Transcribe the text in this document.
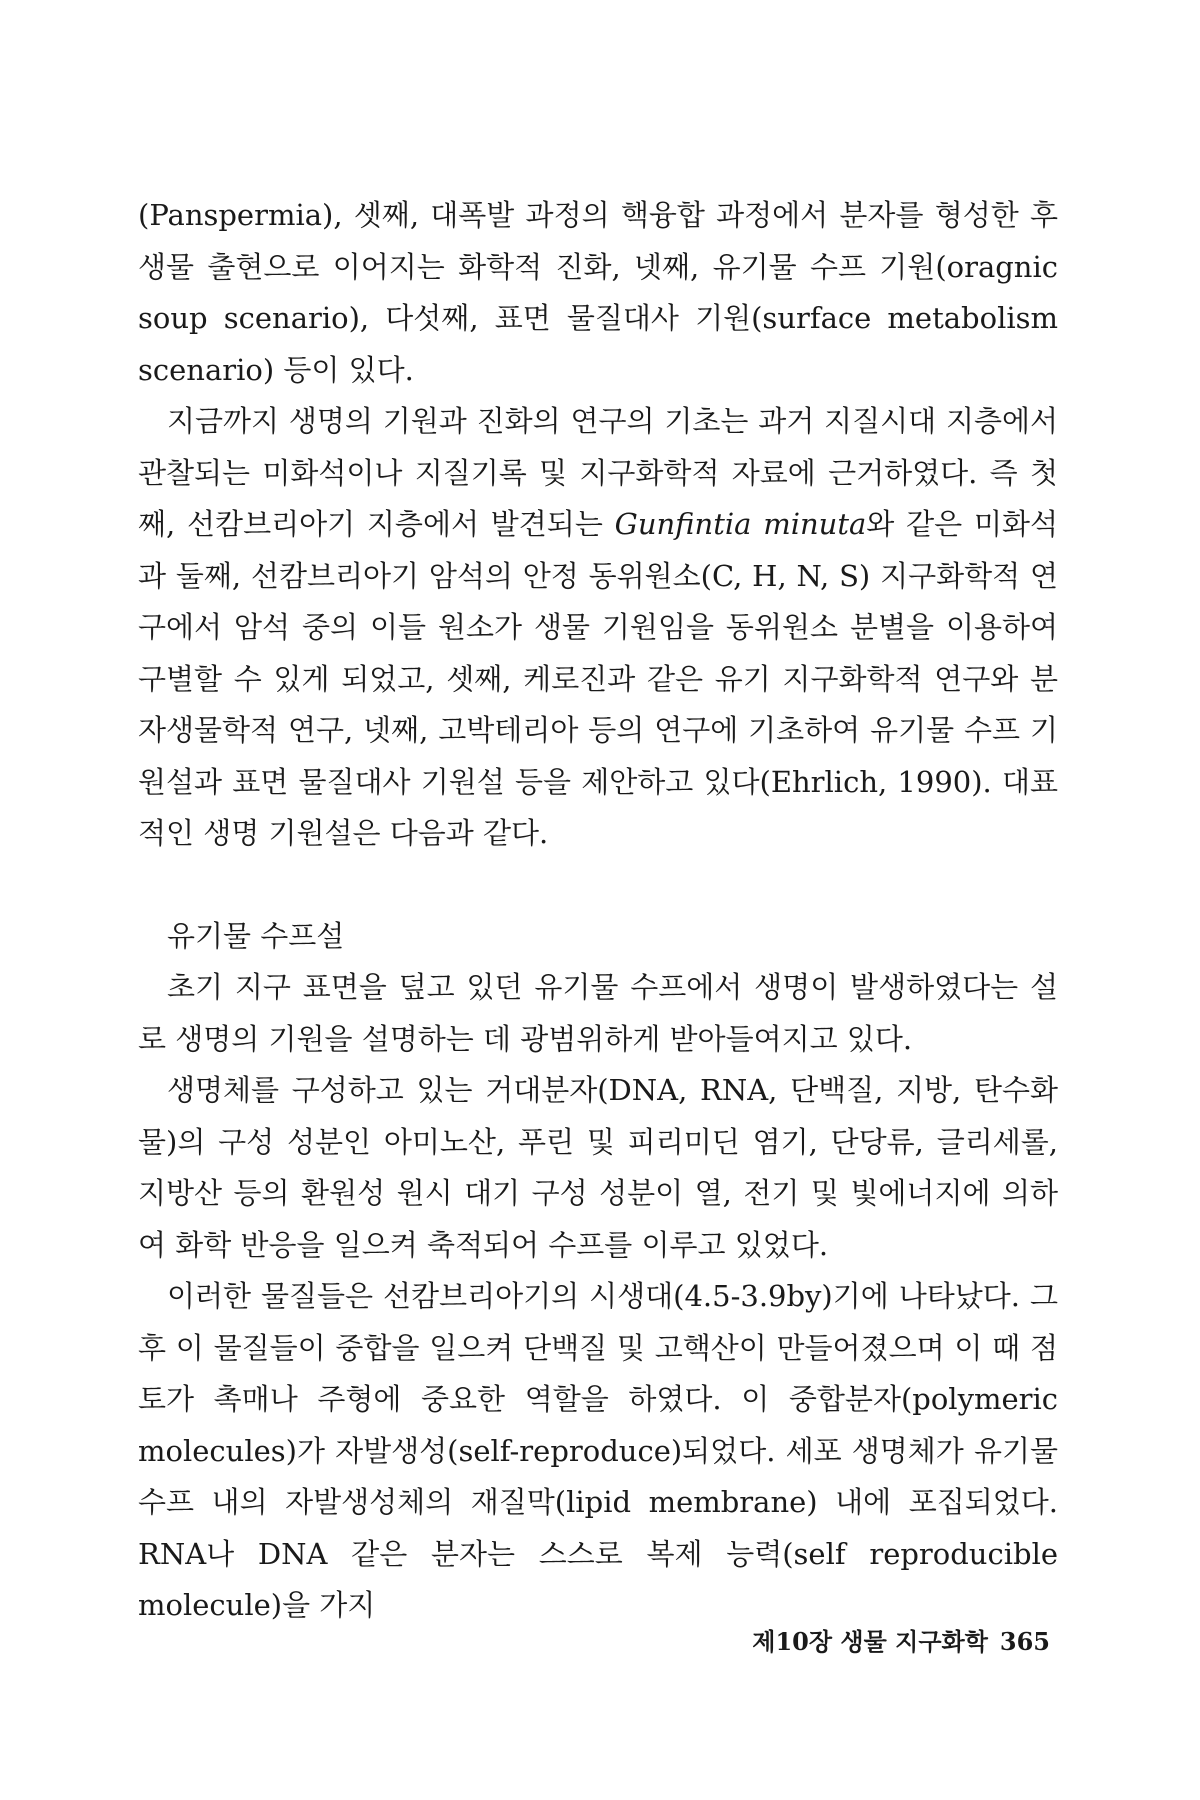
(Panspermia), 셋째, 대폭발 과정의 핵융합 과정에서 분자를 형성한 후 생물 출현으로 이어지는 화학적 진화, 넷째, 유기물 수프 기원(oragnic soup scenario), 다섯째, 표면 물질대사 기원(surface metabolism scenario) 등이 있다.

지금까지 생명의 기원과 진화의 연구의 기초는 과거 지질시대 지층에서 관찰되는 미화석이나 지질기록 및 지구화학적 자료에 근거하였다. 즉 첫째, 선캄브리아기 지층에서 발견되는 Gunfintia minuta와 같은 미화석과 둘째, 선캄브리아기 암석의 안정 동위원소(C, H, N, S) 지구화학적 연구에서 암석 중의 이들 원소가 생물 기원임을 동위원소 분별을 이용하여 구별할 수 있게 되었고, 셋째, 케로진과 같은 유기 지구화학적 연구와 분자생물학적 연구, 넷째, 고박테리아 등의 연구에 기초하여 유기물 수프 기원설과 표면 물질대사 기원설 등을 제안하고 있다(Ehrlich, 1990). 대표적인 생명 기원설은 다음과 같다.

유기물 수프설

초기 지구 표면을 덮고 있던 유기물 수프에서 생명이 발생하였다는 설로 생명의 기원을 설명하는 데 광범위하게 받아들여지고 있다.

생명체를 구성하고 있는 거대분자(DNA, RNA, 단백질, 지방, 탄수화물)의 구성 성분인 아미노산, 푸린 및 피리미딘 염기, 단당류, 글리세롤, 지방산 등의 환원성 원시 대기 구성 성분이 열, 전기 및 빛에너지에 의하여 화학 반응을 일으켜 축적되어 수프를 이루고 있었다.

이러한 물질들은 선캄브리아기의 시생대(4.5-3.9by)기에 나타났다. 그 후 이 물질들이 중합을 일으켜 단백질 및 고핵산이 만들어졌으며 이 때 점토가 촉매나 주형에 중요한 역할을 하였다. 이 중합분자(polymeric molecules)가 자발생성(self-reproduce)되었다. 세포 생명체가 유기물 수프 내의 자발생성체의 재질막(lipid membrane) 내에 포집되었다. RNA나 DNA 같은 분자는 스스로 복제 능력(self reproducible molecule)을 가지

제10장 생물 지구화학 365
